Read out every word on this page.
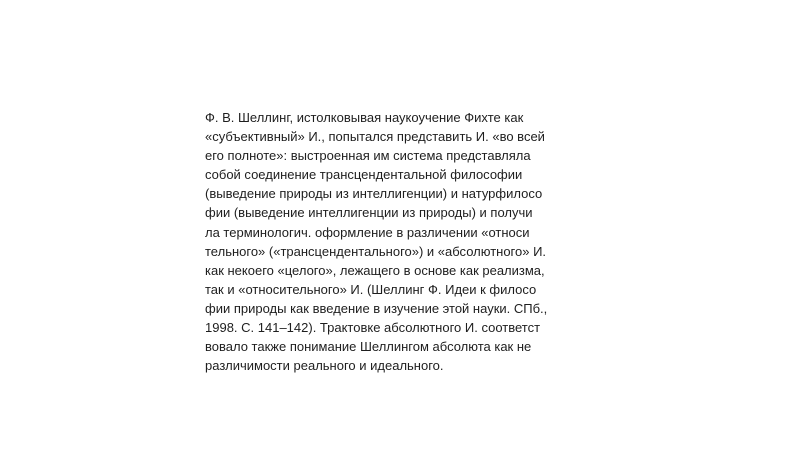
Ф. В. Шеллинг, истолковывая наукоучение Фихте как
«субъективный» И., попытался представить И. «во всей
его полноте»: выстроенная им система представляла
собой соединение трансцендентальной философии
(выведение природы из интеллигенции) и натурфилосо
фии (выведение интеллигенции из природы) и получи
ла терминологич. оформление в различении «относи
тельного» («трансцендентального») и «абсолютного» И.
как некоего «целого», лежащего в основе как реализма,
так и «относительного» И. (Шеллинг Ф. Идеи к филосо
фии природы как введение в изучение этой науки. СПб.,
1998. С. 141–142). Трактовке абсолютного И. соответст
вовало также понимание Шеллингом абсолюта как не
различимости реального и идеального.
